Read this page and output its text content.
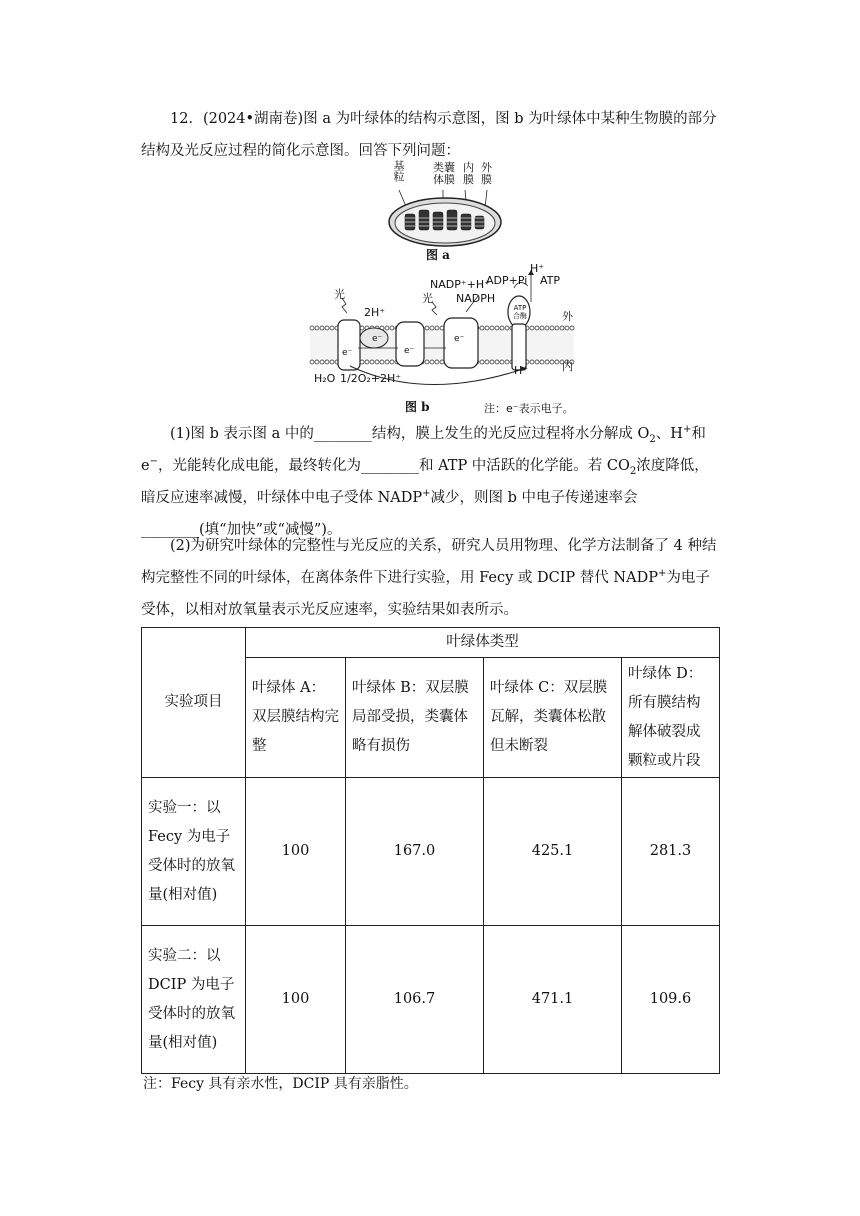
12．(2024•湖南卷)图 a 为叶绿体的结构示意图，图 b 为叶绿体中某种生物膜的部分结构及光反应过程的简化示意图。回答下列问题：

基粒	类囊体膜
内膜
外膜
图 a
光	光
2H⁺
NADP⁺+H⁺
NADPH
ADP+Pi ATP
H⁺
ATP 合酶	外
内
H⁺
H₂O 1/2O₂+2H⁺
e⁻
e⁻
e⁻
e⁻
图 b	注：e⁻表示电子。

(1)图 b 表示图 a 中的________结构，膜上发生的光反应过程将水分解成 $O_2$、H+和 e−，光能转化成电能，最终转化为________和 ATP 中活跃的化学能。若 $CO_2$浓度降低，暗反应速率减慢，叶绿体中电子受体 NADP+减少，则图 b 中电子传递速率会________(填“加快”或“减慢”)。

(2)为研究叶绿体的完整性与光反应的关系，研究人员用物理、化学方法制备了 4 种结构完整性不同的叶绿体，在离体条件下进行实验，用 Fecy 或 DCIP 替代 NADP+为电子受体，以相对放氧量表示光反应速率，实验结果如表所示。

实验项目	叶绿体类型			
	叶绿体 A：双层膜结构完整	叶绿体 B：双层膜局部受损，类囊体略有损伤	叶绿体 C：双层膜瓦解，类囊体松散但未断裂	叶绿体 D：所有膜结构解体破裂成颗粒或片段
实验一：以 Fecy 为电子受体时的放氧量(相对值)	100	167.0	425.1	281.3
实验二：以 DCIP 为电子受体时的放氧量(相对值)	100	106.7	471.1	109.6
注：Fecy 具有亲水性，DCIP 具有亲脂性。
